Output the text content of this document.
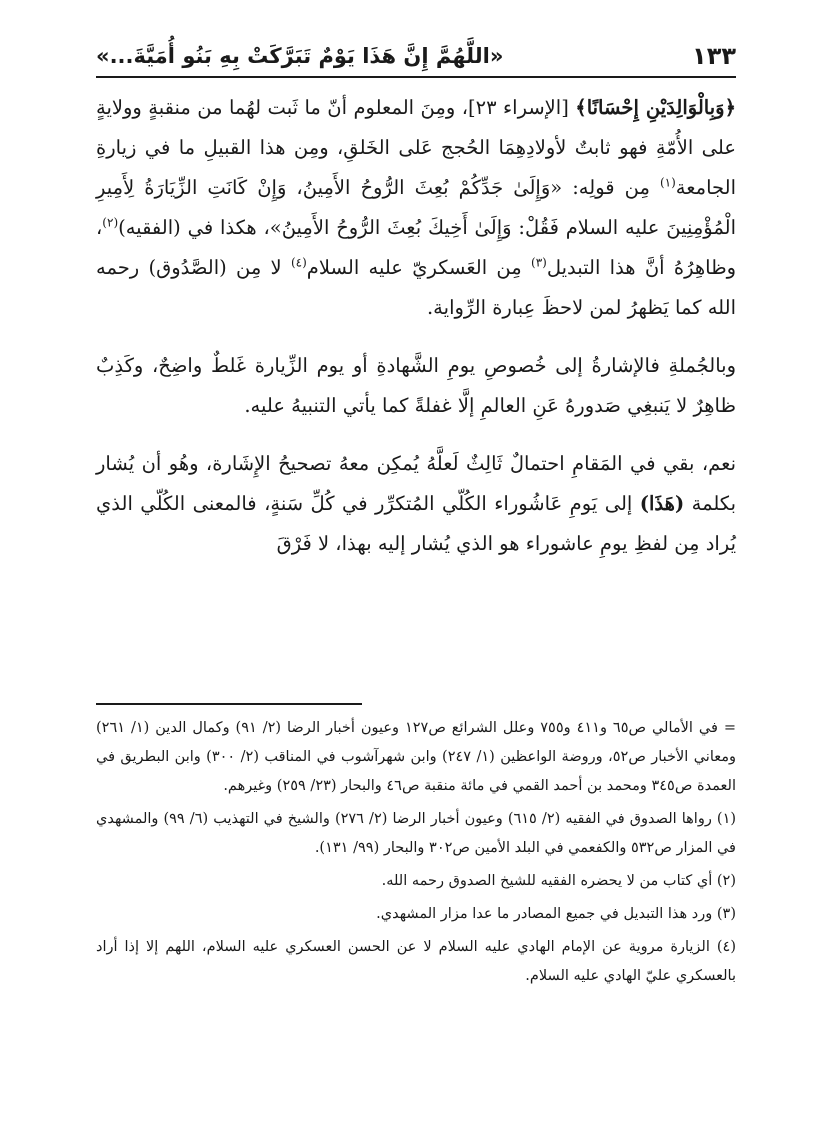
١٣٣
«اللَّهُمَّ إِنَّ هَذَا يَوْمٌ تَبَرَّكَتْ بِهِ بَنُو أُمَيَّةَ...»

﴿وَبِالْوَالِدَيْنِ إِحْسَانًا﴾ [الإسراء ٢٣]، ومِنَ المعلوم أنّ ما ثَبت لهُما من منقبةٍ وولايةٍ على الأُمّةِ فهو ثابتٌ لأولادِهِمَا الحُجج عَلى الخَلقِ، ومِن هذا القبيلِ ما في زيارةِ الجامعة$^{(١)}$ مِن قولِه: «وَإِلَىٰ جَدِّكُمْ بُعِثَ الرُّوحُ الأَمِينُ، وَإِنْ كَانَتِ الزِّيَارَةُ لِأَمِيرِ الْمُؤْمِنِينَ عليه السلام فَقُلْ: وَإِلَىٰ أَخِيكَ بُعِثَ الرُّوحُ الأَمِينُ»، هكذا في (الفقيه)$^{(٢)}$، وظاهِرُهُ أنَّ هذا التبديل$^{(٣)}$ مِن العَسكريّ عليه السلام$^{(٤)}$ لا مِن (الصَّدُوق) رحمه الله كما يَظهرُ لمن لاحظَ عِبارة الرِّواية.

وبالجُملةِ فالإشارةُ إلى خُصوصِ يومِ الشَّهادةِ أو يوم الزِّيارة غَلطٌ واضِحٌ، وكَذِبٌ ظاهِرٌ لا يَنبغِي صَدورهُ عَنِ العالمِ إلَّا غفلةً كما يأتي التنبيهُ عليه.

نعم، بقي في المَقامِ احتمالٌ ثَالِثٌ لَعلَّهُ يُمكِن معهُ تصحيحُ الإِشَارة، وهُو أن يُشار بكلمة (هَذَا) إلى يَومِ عَاشُوراء الكُلّي المُتكرِّر في كُلِّ سَنةٍ، فالمعنى الكُلّي الذي يُراد مِن لفظِ يومِ عاشوراء هو الذي يُشار إليه بهذا، لا فَرْقَ

= في الأمالي ص٦٥ و٤١١ و٧٥٥ وعلل الشرائع ص١٢٧ وعيون أخبار الرضا (٢/ ٩١) وكمال الدين (١/ ٢٦١) ومعاني الأخبار ص٥٢، وروضة الواعظين (١/ ٢٤٧) وابن شهرآشوب في المناقب (٢/ ٣٠٠) وابن البطريق في العمدة ص٣٤٥ ومحمد بن أحمد القمي في مائة منقبة ص٤٦ والبحار (٢٣/ ٢٥٩) وغيرهم.

(١) رواها الصدوق في الفقيه (٢/ ٦١٥) وعيون أخبار الرضا (٢/ ٢٧٦) والشيخ في التهذيب (٦/ ٩٩) والمشهدي في المزار ص٥٣٢ والكفعمي في البلد الأمين ص٣٠٢ والبحار (٩٩/ ١٣١).

(٢) أي كتاب من لا يحضره الفقيه للشيخ الصدوق رحمه الله.

(٣) ورد هذا التبديل في جميع المصادر ما عدا مزار المشهدي.

(٤) الزيارة مروية عن الإمام الهادي عليه السلام لا عن الحسن العسكري عليه السلام، اللهم إلا إذا أراد بالعسكري عليّ الهادي عليه السلام.
